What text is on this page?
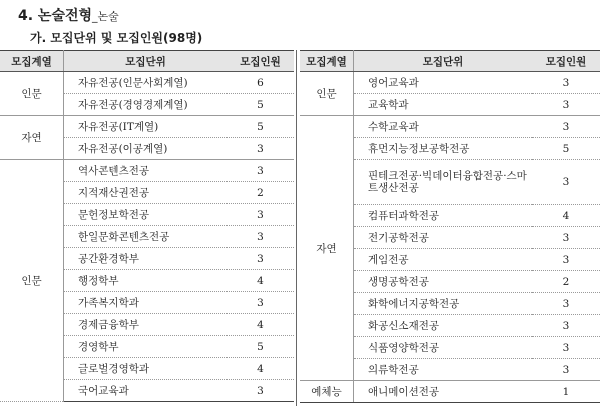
4. 논술전형_논술
가. 모집단위 및 모집인원(98명)
모집계열	모집단위	모집인원
인문	자유전공(인문사회계열)	6
	자유전공(경영경제계열)	5
자연	자유전공(IT계열)	5
	자유전공(이공계열)	3
인문	역사콘텐츠전공	3
	지적재산권전공	2
	문헌정보학전공	3
	한일문화콘텐츠전공	3
	공간환경학부	3
	행정학부	4
	가족복지학과	3
	경제금융학부	4
	경영학부	5
	글로벌경영학과	4
	국어교육과	3
모집계열	모집단위	모집인원
인문	영어교육과	3
	교육학과	3
자연	수학교육과	3
	휴먼지능정보공학전공	5
	핀테크전공·빅데이터융합전공·스마트생산전공	3
	컴퓨터과학전공	4
	전기공학전공	3
	게임전공	3
	생명공학전공	2
	화학에너지공학전공	3
	화공신소재전공	3
	식품영양학전공	3
	의류학전공	3
예체능	애니메이션전공	1
